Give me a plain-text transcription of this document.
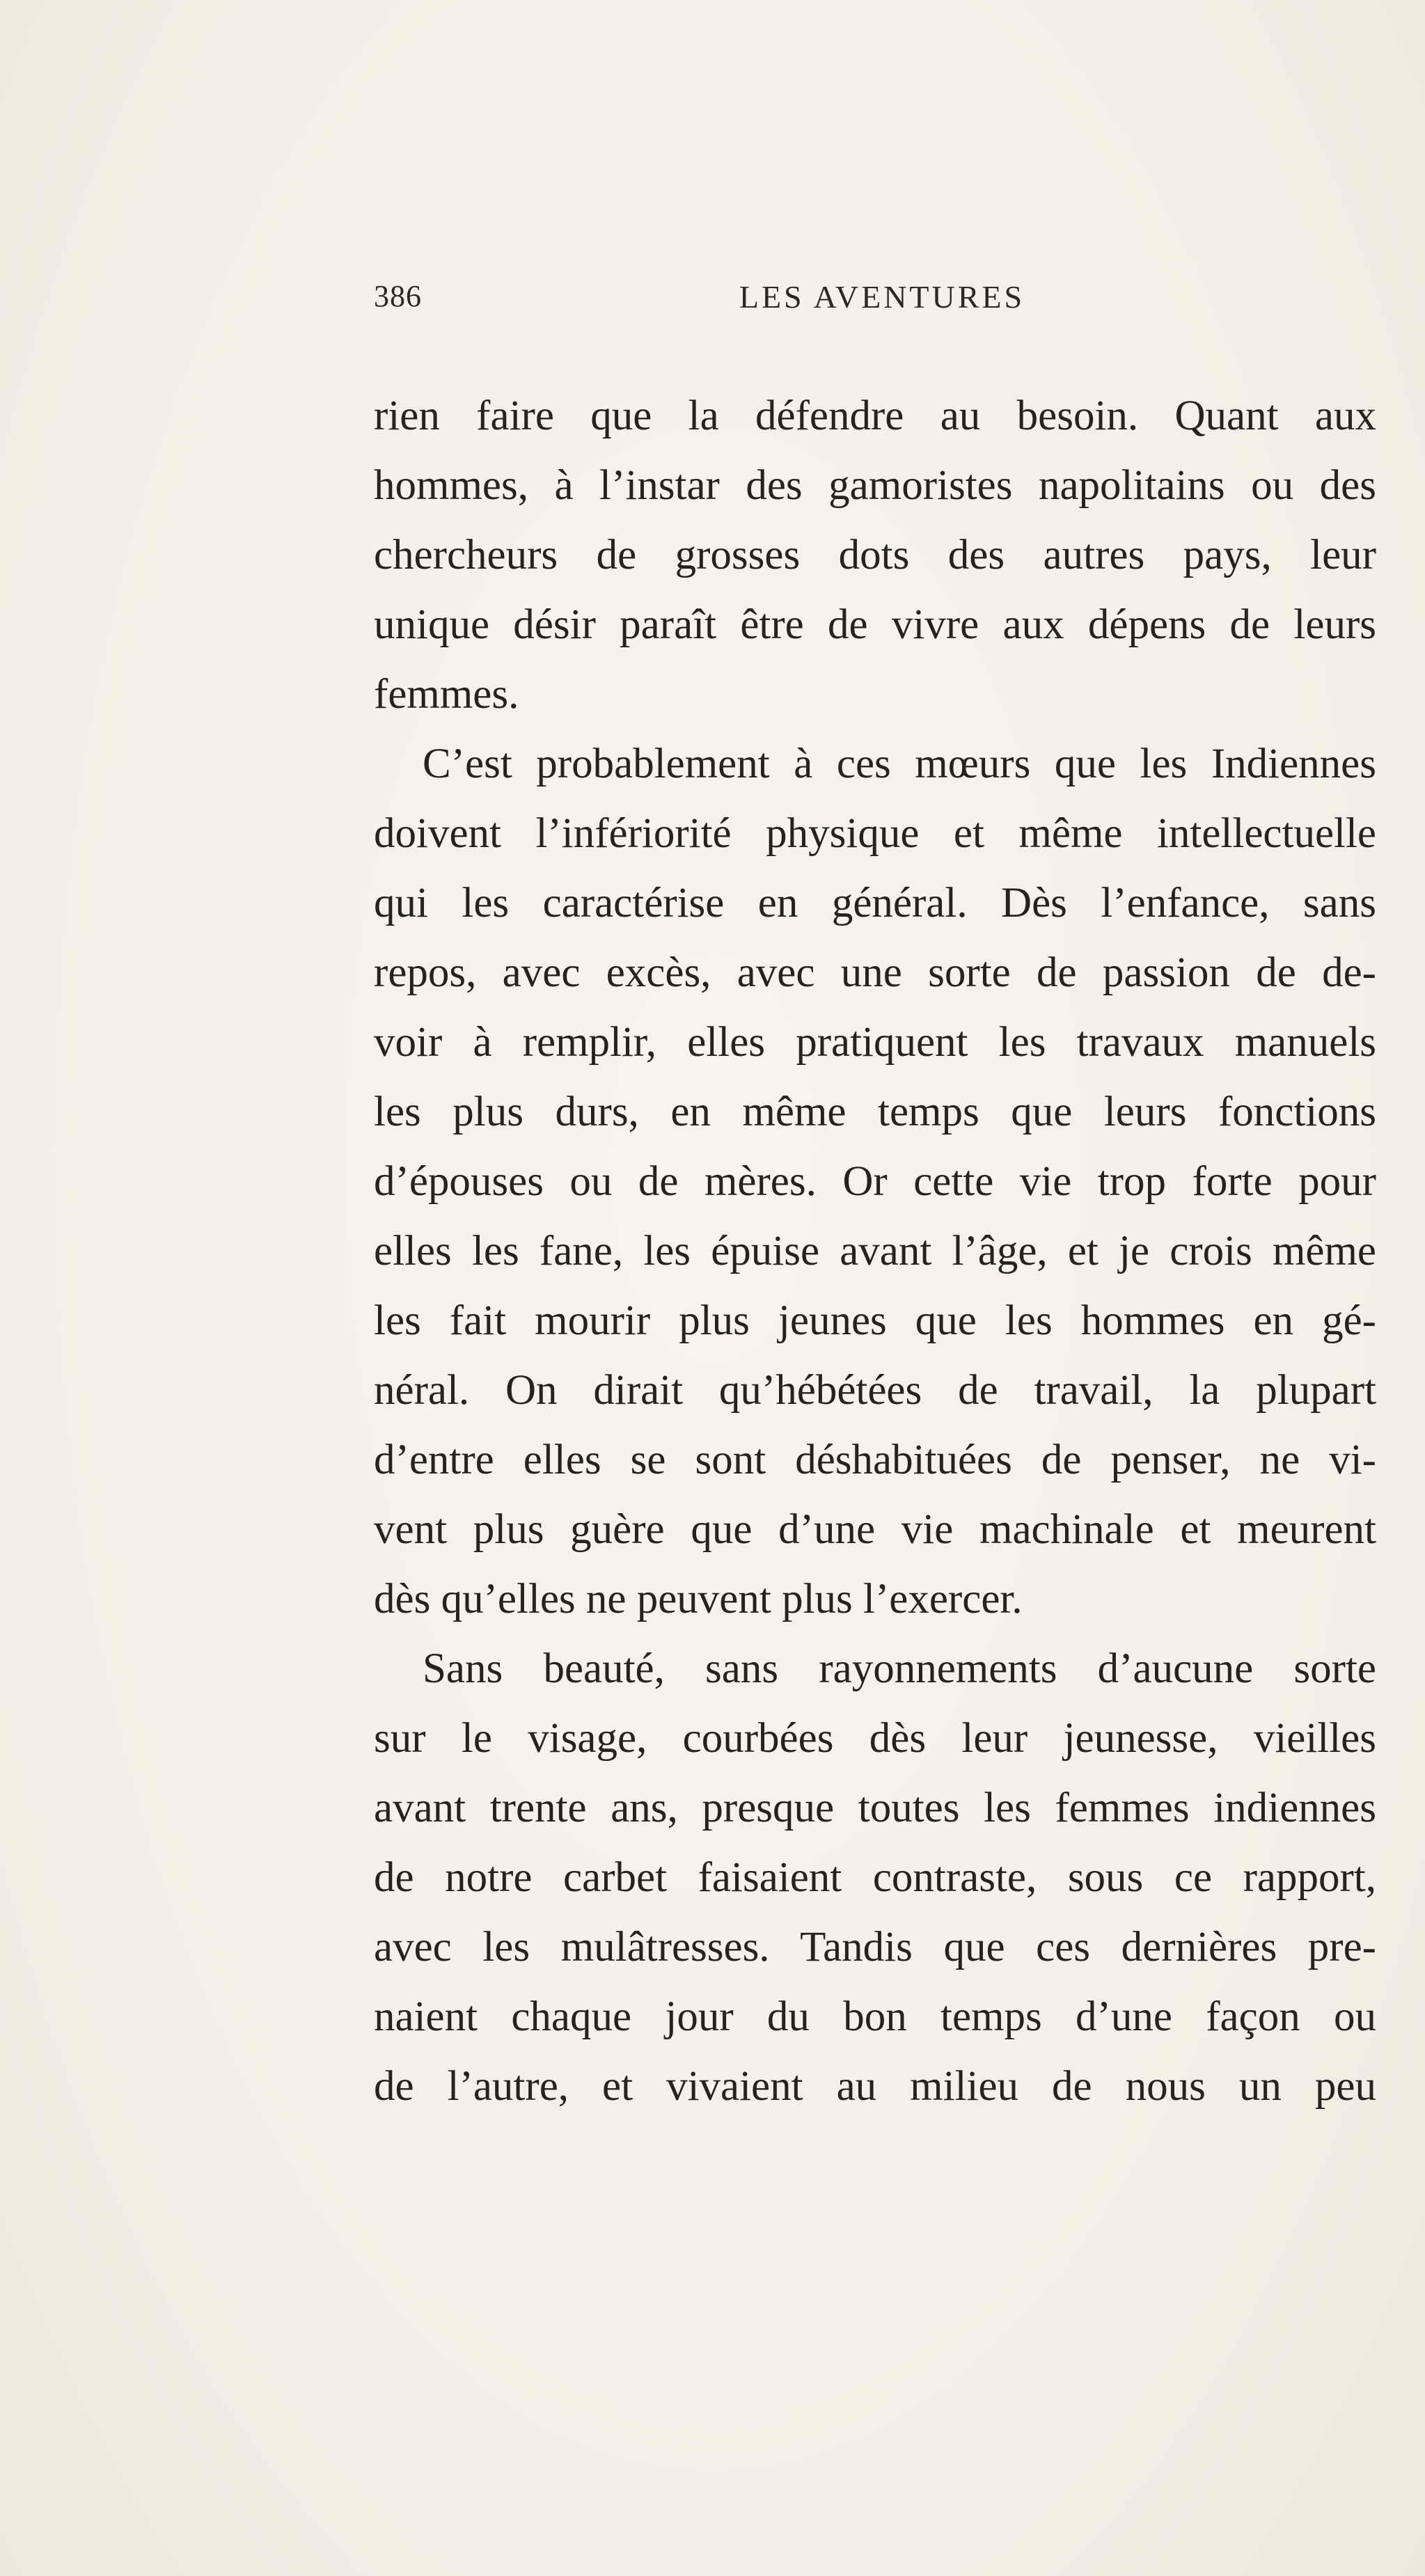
386	LES AVENTURES
rien faire que la défendre au besoin. Quant aux
hommes, à l’instar des gamoristes napolitains ou des
chercheurs de grosses dots des autres pays, leur
unique désir paraît être de vivre aux dépens de leurs
femmes.
C’est probablement à ces mœurs que les Indiennes
doivent l’infériorité physique et même intellectuelle
qui les caractérise en général. Dès l’enfance, sans
repos, avec excès, avec une sorte de passion de de-
voir à remplir, elles pratiquent les travaux manuels
les plus durs, en même temps que leurs fonctions
d’épouses ou de mères. Or cette vie trop forte pour
elles les fane, les épuise avant l’âge, et je crois même
les fait mourir plus jeunes que les hommes en gé-
néral. On dirait qu’hébétées de travail, la plupart
d’entre elles se sont déshabituées de penser, ne vi-
vent plus guère que d’une vie machinale et meurent
dès qu’elles ne peuvent plus l’exercer.
Sans beauté, sans rayonnements d’aucune sorte
sur le visage, courbées dès leur jeunesse, vieilles
avant trente ans, presque toutes les femmes indiennes
de notre carbet faisaient contraste, sous ce rapport,
avec les mulâtresses. Tandis que ces dernières pre-
naient chaque jour du bon temps d’une façon ou
de l’autre, et vivaient au milieu de nous un peu
